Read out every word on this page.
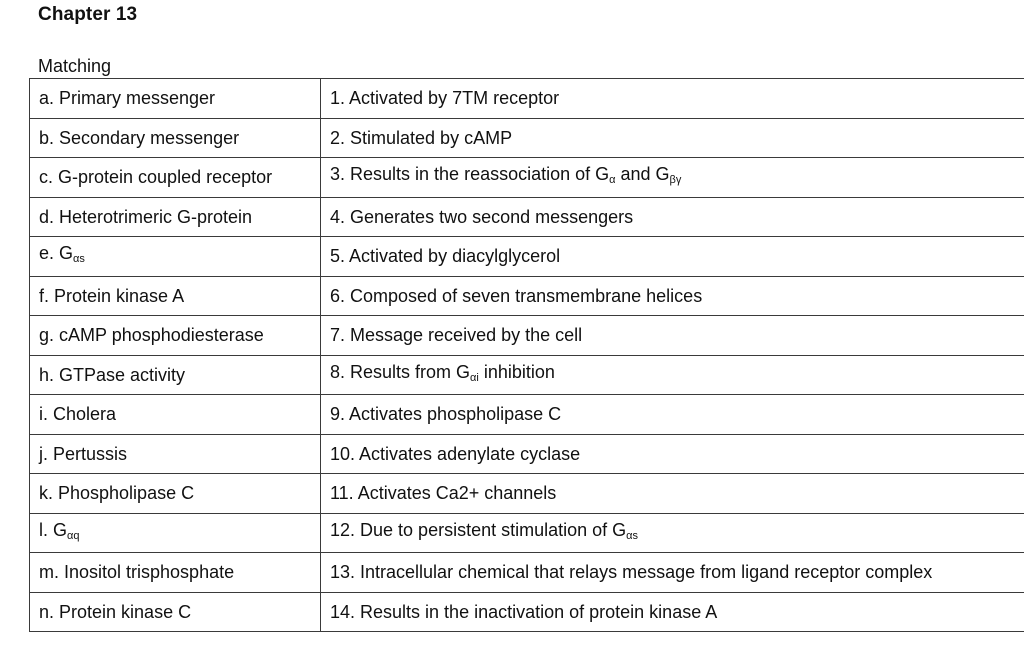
Chapter 13
Matching
a. Primary messenger	1. Activated by 7TM receptor
b. Secondary messenger	2. Stimulated by cAMP
c. G-protein coupled receptor	3. Results in the reassociation of $G_\alpha$ and $G_{\beta\gamma}$
d. Heterotrimeric G-protein	4. Generates two second messengers
e. $G_{\alpha s}$	5. Activated by diacylglycerol
f. Protein kinase A	6. Composed of seven transmembrane helices
g. cAMP phosphodiesterase	7. Message received by the cell
h. GTPase activity	8. Results from $G_{\alpha i}$ inhibition
i. Cholera	9. Activates phospholipase C
j. Pertussis	10. Activates adenylate cyclase
k. Phospholipase C	11. Activates Ca2+ channels
l. $G_{\alpha q}$	12. Due to persistent stimulation of $G_{\alpha s}$
m. Inositol trisphosphate	13. Intracellular chemical that relays message from ligand receptor complex
n. Protein kinase C	14. Results in the inactivation of protein kinase A
